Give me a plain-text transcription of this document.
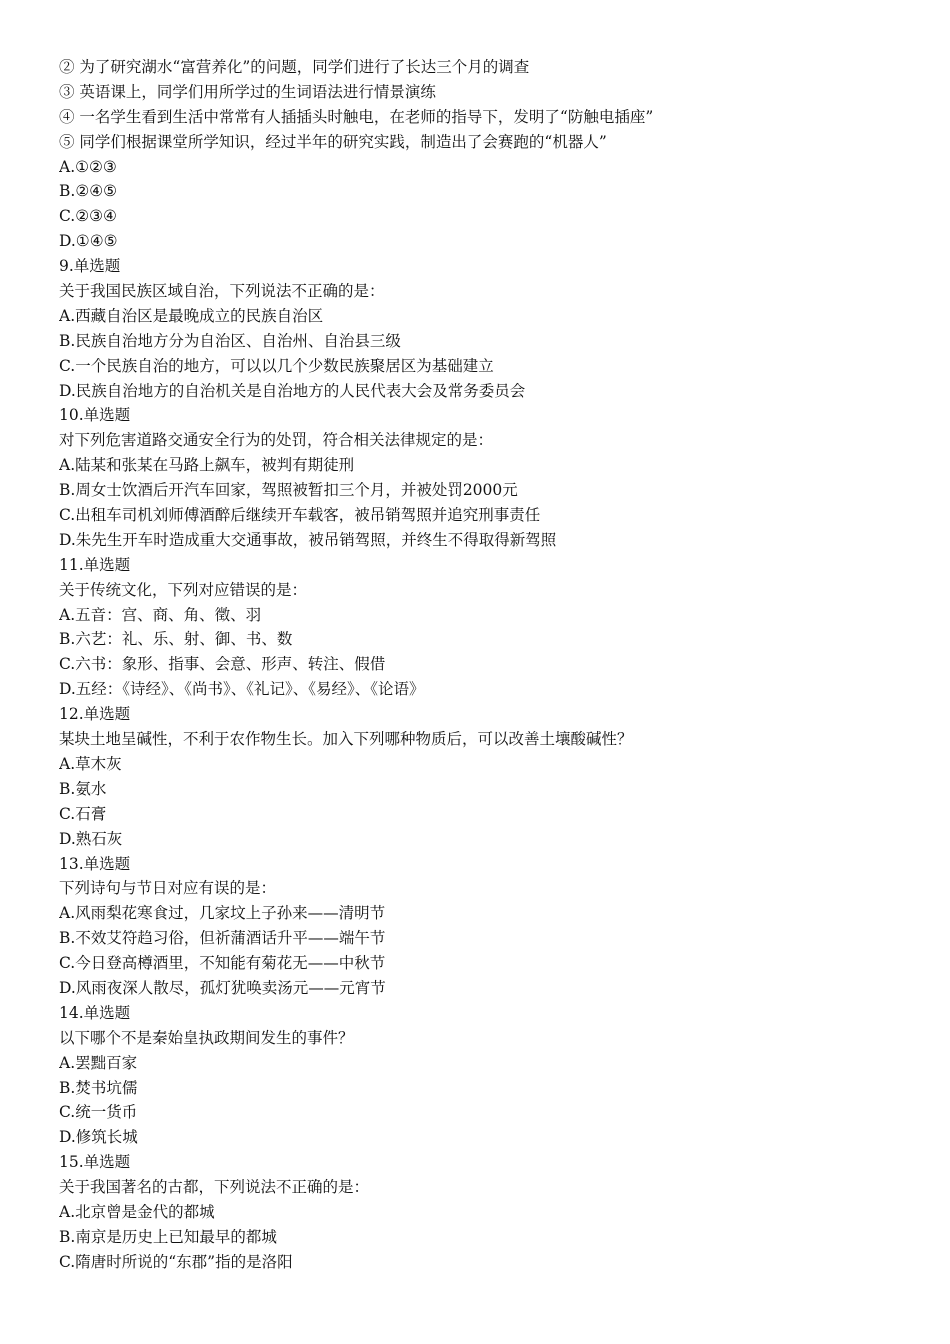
② 为了研究湖水“富营养化”的问题，同学们进行了长达三个月的调查
③ 英语课上，同学们用所学过的生词语法进行情景演练
④ 一名学生看到生活中常常有人插插头时触电，在老师的指导下，发明了“防触电插座”
⑤ 同学们根据课堂所学知识，经过半年的研究实践，制造出了会赛跑的“机器人”
A.①②③
B.②④⑤
C.②③④
D.①④⑤
9.单选题
关于我国民族区域自治，下列说法不正确的是：
A.西藏自治区是最晚成立的民族自治区
B.民族自治地方分为自治区、自治州、自治县三级
C.一个民族自治的地方，可以以几个少数民族聚居区为基础建立
D.民族自治地方的自治机关是自治地方的人民代表大会及常务委员会
10.单选题
对下列危害道路交通安全行为的处罚，符合相关法律规定的是：
A.陆某和张某在马路上飙车，被判有期徒刑
B.周女士饮酒后开汽车回家，驾照被暂扣三个月，并被处罚2000元
C.出租车司机刘师傅酒醉后继续开车载客，被吊销驾照并追究刑事责任
D.朱先生开车时造成重大交通事故，被吊销驾照，并终生不得取得新驾照
11.单选题
关于传统文化，下列对应错误的是：
A.五音：宫、商、角、徵、羽
B.六艺：礼、乐、射、御、书、数
C.六书：象形、指事、会意、形声、转注、假借
D.五经：《诗经》、《尚书》、《礼记》、《易经》、《论语》
12.单选题
某块土地呈碱性，不利于农作物生长。加入下列哪种物质后，可以改善土壤酸碱性？
A.草木灰
B.氨水
C.石膏
D.熟石灰
13.单选题
下列诗句与节日对应有误的是：
A.风雨梨花寒食过，几家坟上子孙来——清明节
B.不效艾符趋习俗，但祈蒲酒话升平——端午节
C.今日登高樽酒里，不知能有菊花无——中秋节
D.风雨夜深人散尽，孤灯犹唤卖汤元——元宵节
14.单选题
以下哪个不是秦始皇执政期间发生的事件？
A.罢黜百家
B.焚书坑儒
C.统一货币
D.修筑长城
15.单选题
关于我国著名的古都，下列说法不正确的是：
A.北京曾是金代的都城
B.南京是历史上已知最早的都城
C.隋唐时所说的“东郡”指的是洛阳
